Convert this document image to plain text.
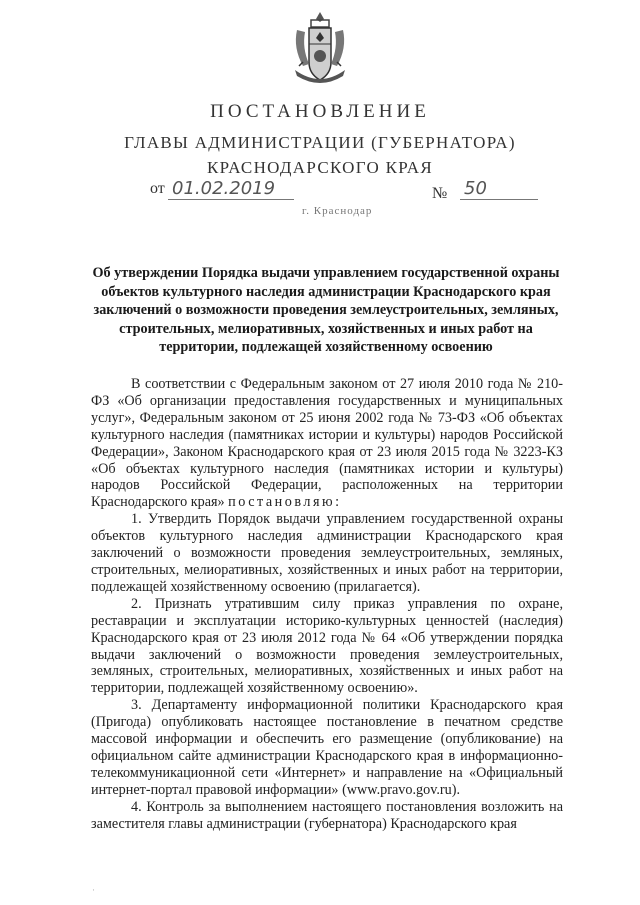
ПОСТАНОВЛЕНИЕ
ГЛАВЫ АДМИНИСТРАЦИИ (ГУБЕРНАТОРА)
КРАСНОДАРСКОГО КРАЯ
от 01.02.2019	№ 50
г. Краснодар
Об утверждении Порядка выдачи управлением государственной охраны объектов культурного наследия администрации Краснодарского края заключений о возможности проведения землеустроительных, земляных, строительных, мелиоративных, хозяйственных и иных работ на территории, подлежащей хозяйственному освоению

В соответствии с Федеральным законом от 27 июля 2010 года № 210-ФЗ «Об организации предоставления государственных и муниципальных услуг», Федеральным законом от 25 июня 2002 года № 73-ФЗ «Об объектах культурного наследия (памятниках истории и культуры) народов Российской Федерации», Законом Краснодарского края от 23 июля 2015 года № 3223-КЗ «Об объектах культурного наследия (памятниках истории и культуры) народов Российской Федерации, расположенных на территории Краснодарского края» постановляю:

1. Утвердить Порядок выдачи управлением государственной охраны объектов культурного наследия администрации Краснодарского края заключений о возможности проведения землеустроительных, земляных, строительных, мелиоративных, хозяйственных и иных работ на территории, подлежащей хозяйственному освоению (прилагается).

2. Признать утратившим силу приказ управления по охране, реставрации и эксплуатации историко-культурных ценностей (наследия) Краснодарского края от 23 июля 2012 года № 64 «Об утверждении порядка выдачи заключений о возможности проведения землеустроительных, земляных, строительных, мелиоративных, хозяйственных и иных работ на территории, подлежащей хозяйственному освоению».

3. Департаменту информационной политики Краснодарского края (Пригода) опубликовать настоящее постановление в печатном средстве массовой информации и обеспечить его размещение (опубликование) на официальном сайте администрации Краснодарского края в информационно-телекоммуникационной сети «Интернет» и направление на «Официальный интернет-портал правовой информации» (www.pravo.gov.ru).

4. Контроль за выполнением настоящего постановления возложить на заместителя главы администрации (губернатора) Краснодарского края

·
